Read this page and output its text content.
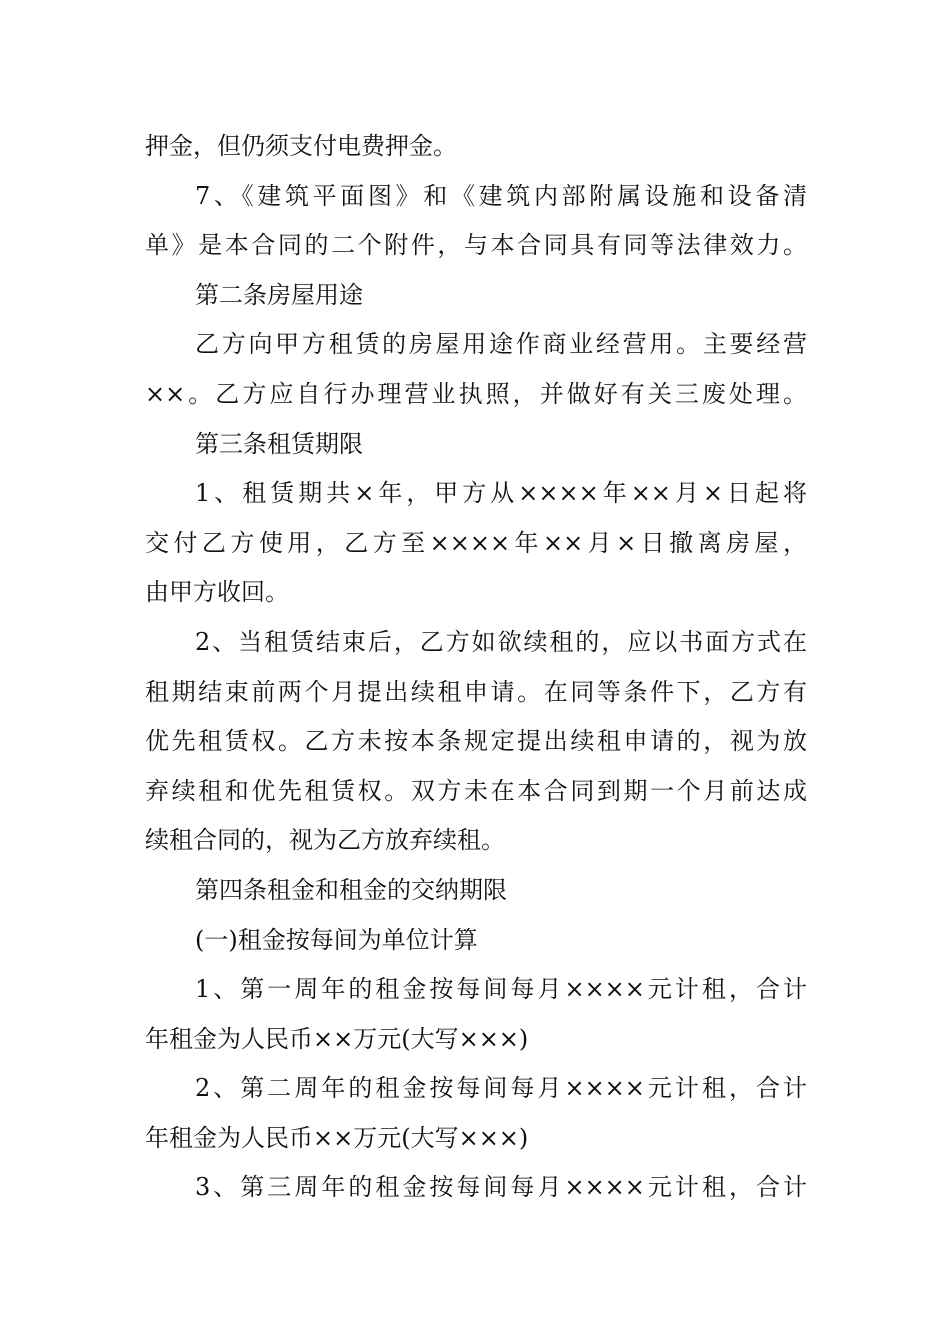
押金，但仍须支付电费押金。
7、《建筑平面图》和《建筑内部附属设施和设备清
单》是本合同的二个附件，与本合同具有同等法律效力。
第二条房屋用途
乙方向甲方租赁的房屋用途作商业经营用。主要经营
××。乙方应自行办理营业执照，并做好有关三废处理。
第三条租赁期限
1、租赁期共×年，甲方从××××年××月×日起将
交付乙方使用，乙方至××××年××月×日撤离房屋，
由甲方收回。
2、当租赁结束后，乙方如欲续租的，应以书面方式在
租期结束前两个月提出续租申请。在同等条件下，乙方有
优先租赁权。乙方未按本条规定提出续租申请的，视为放
弃续租和优先租赁权。双方未在本合同到期一个月前达成
续租合同的，视为乙方放弃续租。
第四条租金和租金的交纳期限
(一)租金按每间为单位计算
1、第一周年的租金按每间每月××××元计租，合计
年租金为人民币××万元(大写×××)
2、第二周年的租金按每间每月××××元计租，合计
年租金为人民币××万元(大写×××)
3、第三周年的租金按每间每月××××元计租，合计
